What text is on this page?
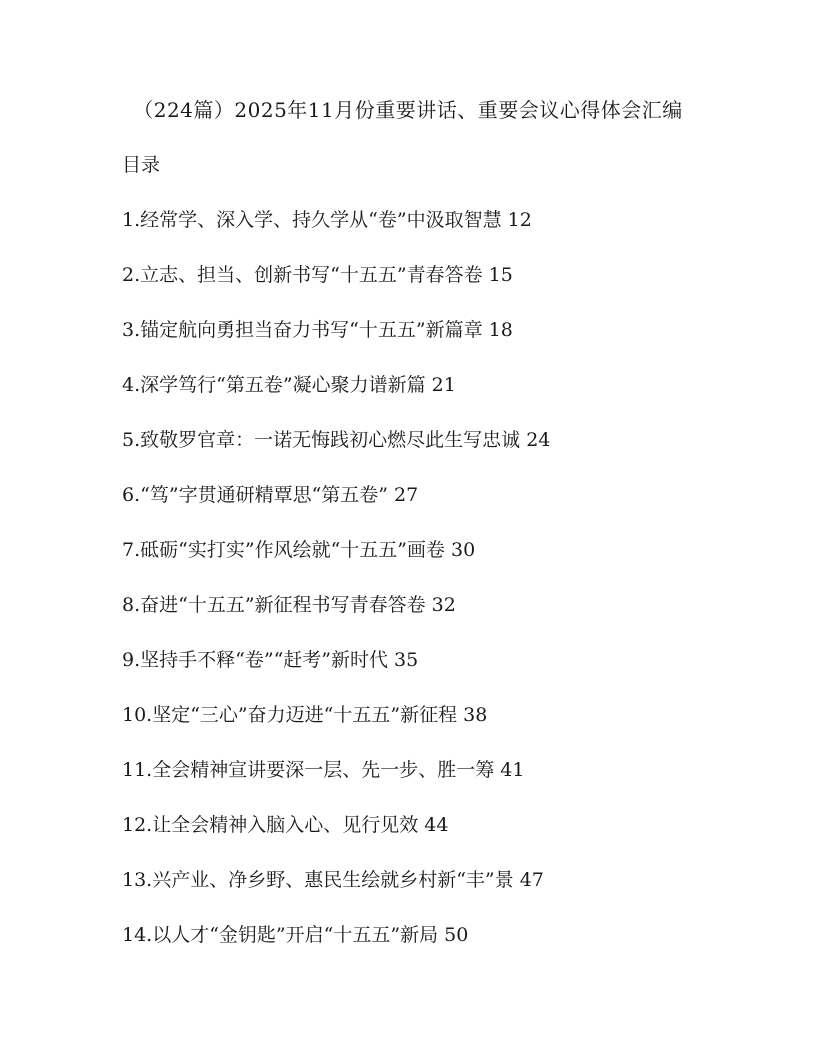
（224篇）2025年11月份重要讲话、重要会议心得体会汇编
目录
1.经常学、深入学、持久学从“卷”中汲取智慧 12
2.立志、担当、创新书写“十五五”青春答卷 15
3.锚定航向勇担当奋力书写“十五五”新篇章 18
4.深学笃行“第五卷”凝心聚力谱新篇 21
5.致敬罗官章：一诺无悔践初心燃尽此生写忠诚 24
6.“笃”字贯通研精覃思“第五卷” 27
7.砥砺“实打实”作风绘就“十五五”画卷 30
8.奋进“十五五”新征程书写青春答卷 32
9.坚持手不释“卷”“赶考”新时代 35
10.坚定“三心”奋力迈进“十五五”新征程 38
11.全会精神宣讲要深一层、先一步、胜一筹 41
12.让全会精神入脑入心、见行见效 44
13.兴产业、净乡野、惠民生绘就乡村新“丰”景 47
14.以人才“金钥匙”开启“十五五”新局 50
